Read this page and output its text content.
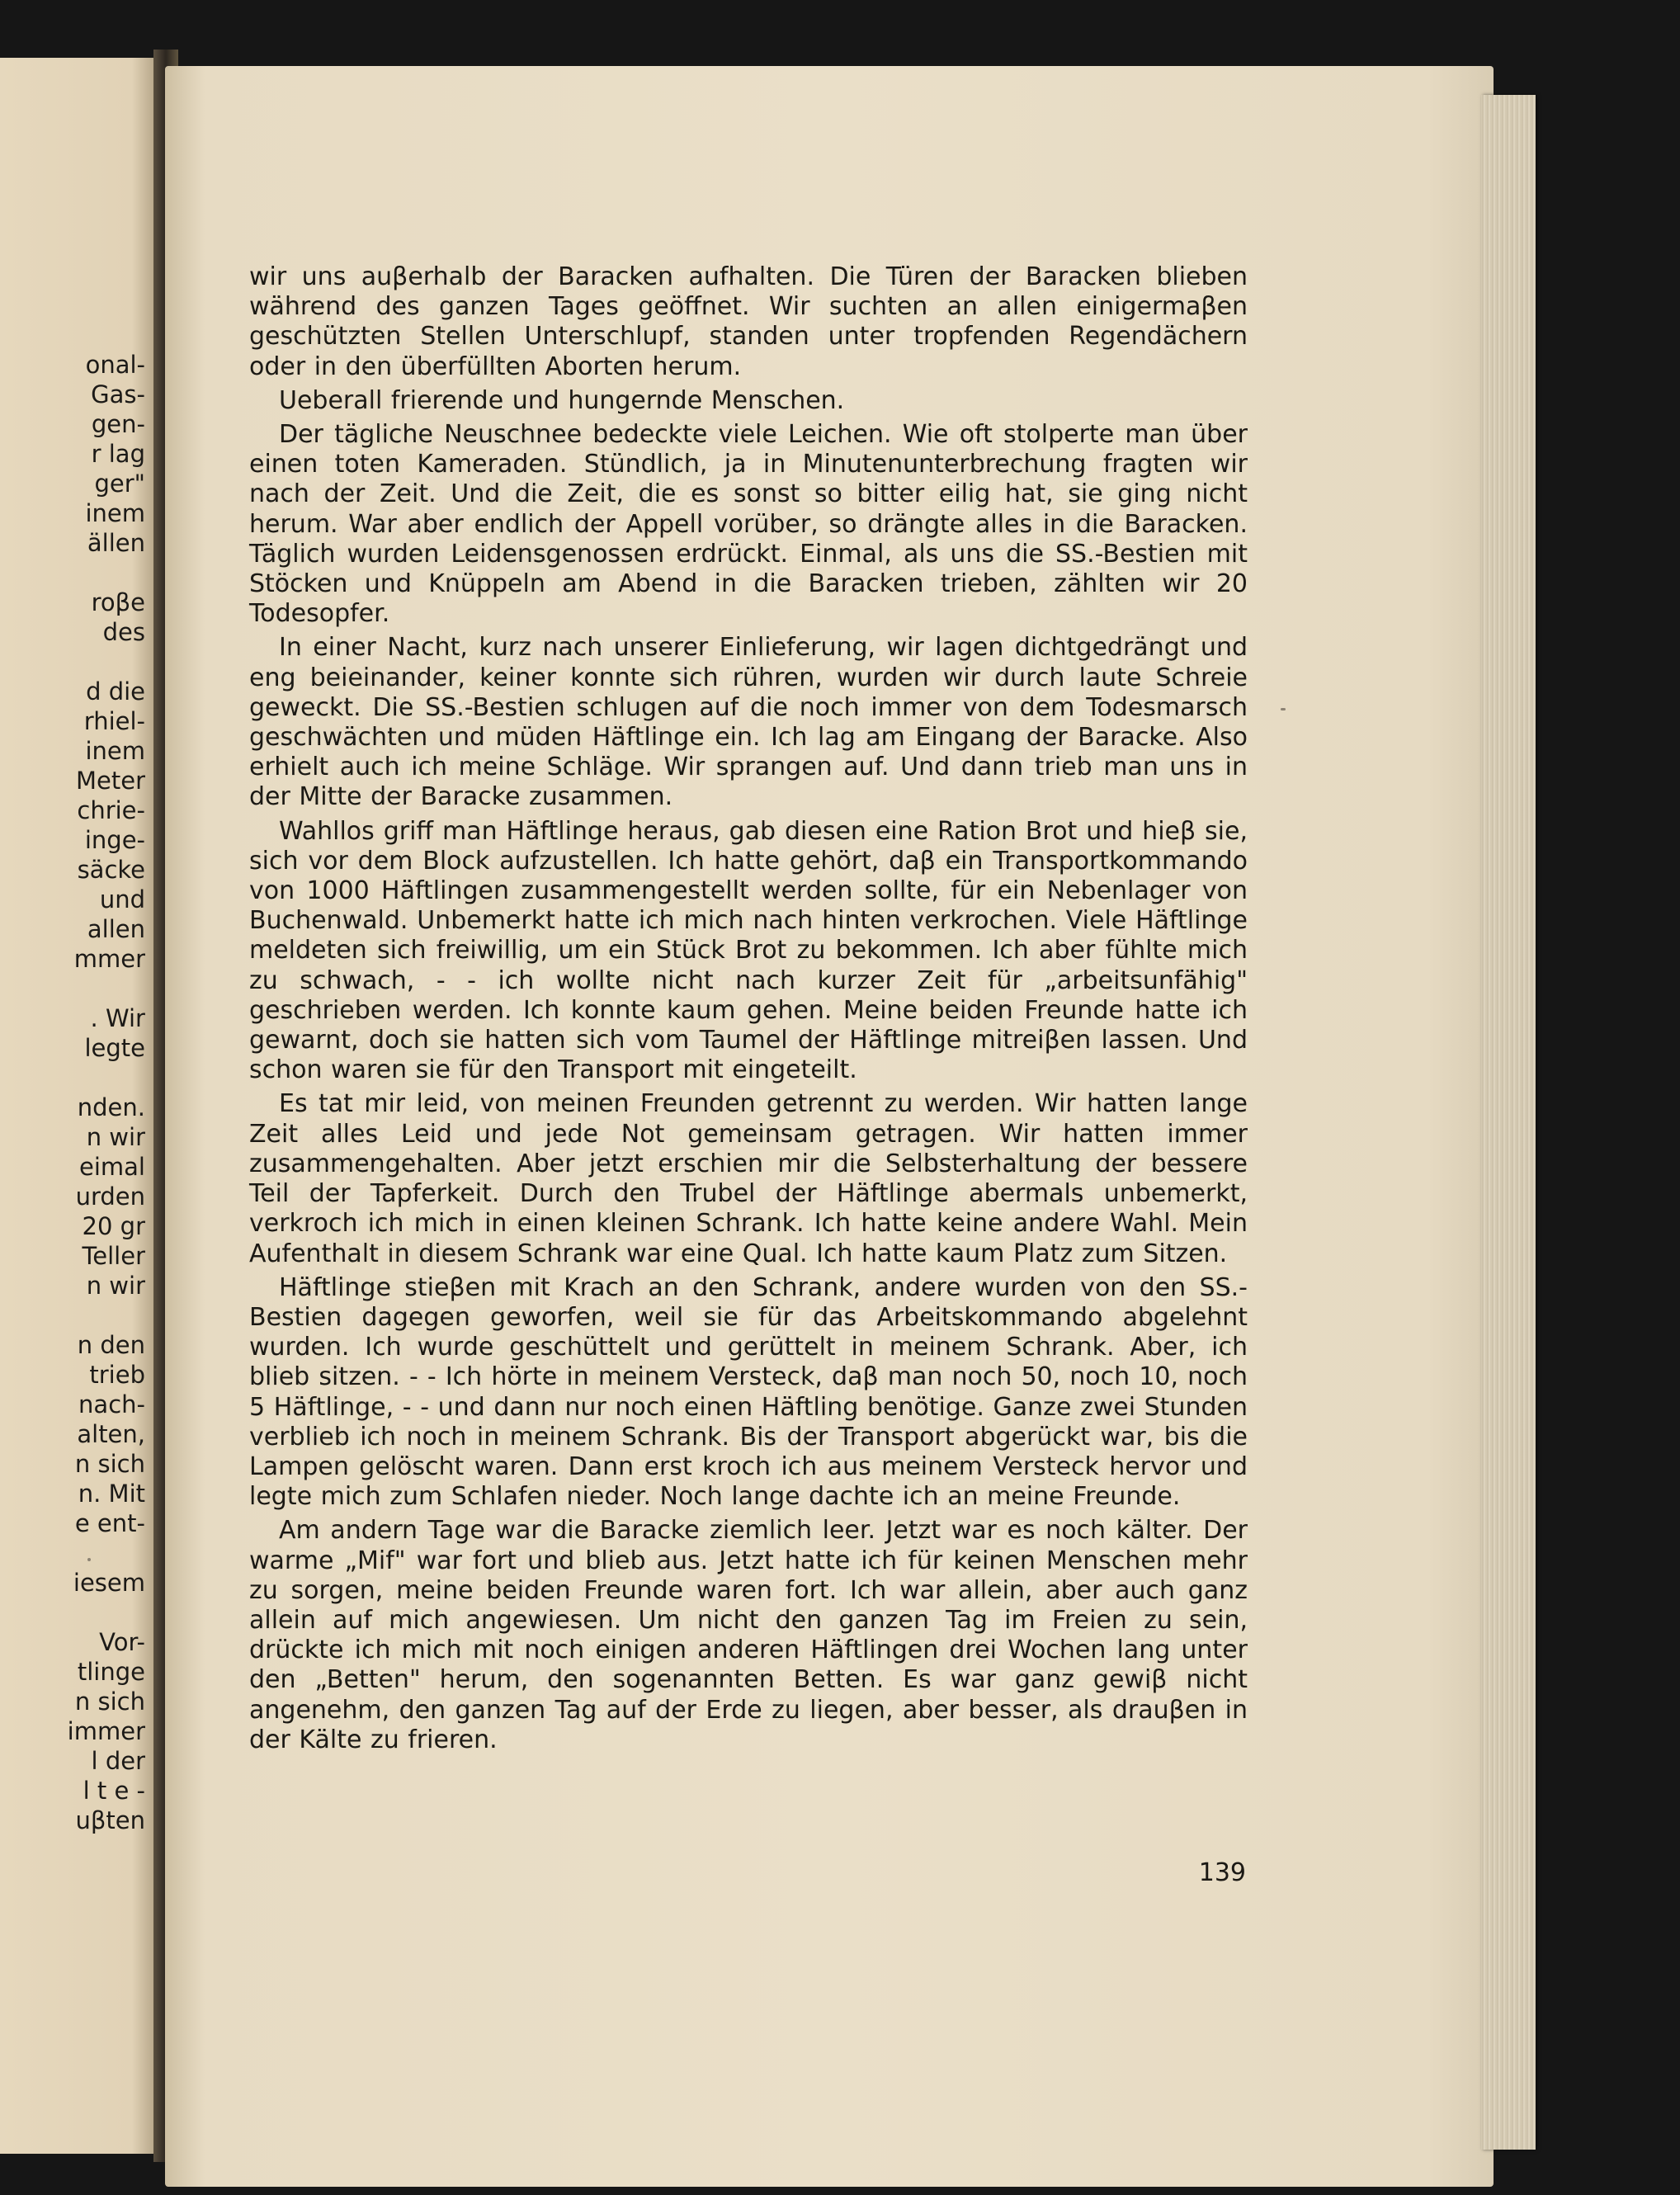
onal-
Gas-
gen-
r lag
ger"
inem
ällen
roβe
des
d die
rhiel-
inem
Meter
chrie-
inge-
säcke
und
allen
mmer
. Wir
legte
nden.
n wir
eimal
urden
20 gr
Teller
n wir
n den
trieb
nach-
alten,
n sich
n. Mit
e ent-
iesem
Vor-
tlinge
n sich
immer
l der
l t e -
uβten

wir uns auβerhalb der Baracken aufhalten. Die Türen der Baracken blieben während des ganzen Tages geöffnet. Wir suchten an allen einigermaβen geschützten Stellen Unterschlupf, standen unter tropfenden Regendächern oder in den überfüllten Aborten herum.

Ueberall frierende und hungernde Menschen.

Der tägliche Neuschnee bedeckte viele Leichen. Wie oft stolperte man über einen toten Kameraden. Stündlich, ja in Minutenunterbrechung fragten wir nach der Zeit. Und die Zeit, die es sonst so bitter eilig hat, sie ging nicht herum. War aber endlich der Appell vorüber, so drängte alles in die Baracken. Täglich wurden Leidensgenossen erdrückt. Einmal, als uns die SS.-Bestien mit Stöcken und Knüppeln am Abend in die Baracken trieben, zählten wir 20 Todesopfer.

In einer Nacht, kurz nach unserer Einlieferung, wir lagen dichtgedrängt und eng beieinander, keiner konnte sich rühren, wurden wir durch laute Schreie geweckt. Die SS.-Bestien schlugen auf die noch immer von dem Todesmarsch geschwächten und müden Häftlinge ein. Ich lag am Eingang der Baracke. Also erhielt auch ich meine Schläge. Wir sprangen auf. Und dann trieb man uns in der Mitte der Baracke zusammen.

Wahllos griff man Häftlinge heraus, gab diesen eine Ration Brot und hieβ sie, sich vor dem Block aufzustellen. Ich hatte gehört, daβ ein Transportkommando von 1000 Häftlingen zusammengestellt werden sollte, für ein Nebenlager von Buchenwald. Unbemerkt hatte ich mich nach hinten verkrochen. Viele Häftlinge meldeten sich freiwillig, um ein Stück Brot zu bekommen. Ich aber fühlte mich zu schwach, - - ich wollte nicht nach kurzer Zeit für „arbeitsunfähig" geschrieben werden. Ich konnte kaum gehen. Meine beiden Freunde hatte ich gewarnt, doch sie hatten sich vom Taumel der Häftlinge mitreiβen lassen. Und schon waren sie für den Transport mit eingeteilt.

Es tat mir leid, von meinen Freunden getrennt zu werden. Wir hatten lange Zeit alles Leid und jede Not gemeinsam getragen. Wir hatten immer zusammengehalten. Aber jetzt erschien mir die Selbsterhaltung der bessere Teil der Tapferkeit. Durch den Trubel der Häftlinge abermals unbemerkt, verkroch ich mich in einen kleinen Schrank. Ich hatte keine andere Wahl. Mein Aufenthalt in diesem Schrank war eine Qual. Ich hatte kaum Platz zum Sitzen.

Häftlinge stieβen mit Krach an den Schrank, andere wurden von den SS.-Bestien dagegen geworfen, weil sie für das Arbeitskommando abgelehnt wurden. Ich wurde geschüttelt und gerüttelt in meinem Schrank. Aber, ich blieb sitzen. - - Ich hörte in meinem Versteck, daβ man noch 50, noch 10, noch 5 Häftlinge, - - und dann nur noch einen Häftling benötige. Ganze zwei Stunden verblieb ich noch in meinem Schrank. Bis der Transport abgerückt war, bis die Lampen gelöscht waren. Dann erst kroch ich aus meinem Versteck hervor und legte mich zum Schlafen nieder. Noch lange dachte ich an meine Freunde.

Am andern Tage war die Baracke ziemlich leer. Jetzt war es noch kälter. Der warme „Mif" war fort und blieb aus. Jetzt hatte ich für keinen Menschen mehr zu sorgen, meine beiden Freunde waren fort. Ich war allein, aber auch ganz allein auf mich angewiesen. Um nicht den ganzen Tag im Freien zu sein, drückte ich mich mit noch einigen anderen Häftlingen drei Wochen lang unter den „Betten" herum, den sogenannten Betten. Es war ganz gewiβ nicht angenehm, den ganzen Tag auf der Erde zu liegen, aber besser, als drauβen in der Kälte zu frieren.

139
